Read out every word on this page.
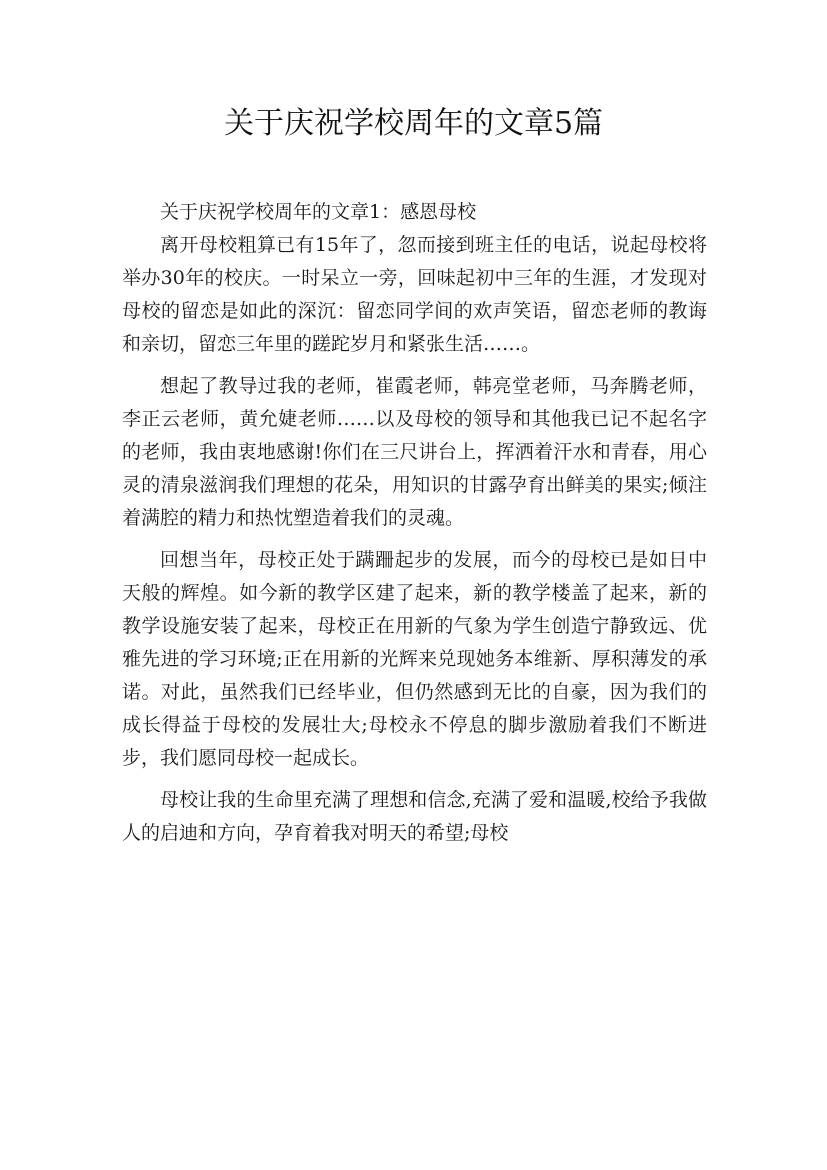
关于庆祝学校周年的文章5篇

关于庆祝学校周年的文章1：感恩母校

离开母校粗算已有15年了，忽而接到班主任的电话，说起母校将举办30年的校庆。一时呆立一旁，回味起初中三年的生涯，才发现对母校的留恋是如此的深沉：留恋同学间的欢声笑语，留恋老师的教诲和亲切，留恋三年里的蹉跎岁月和紧张生活……。

想起了教导过我的老师，崔霞老师，韩亮堂老师，马奔腾老师，李正云老师，黄允婕老师……以及母校的领导和其他我已记不起名字的老师，我由衷地感谢!你们在三尺讲台上，挥洒着汗水和青春，用心灵的清泉滋润我们理想的花朵，用知识的甘露孕育出鲜美的果实;倾注着满腔的精力和热忱塑造着我们的灵魂。

回想当年，母校正处于蹒跚起步的发展，而今的母校已是如日中天般的辉煌。如今新的教学区建了起来，新的教学楼盖了起来，新的教学设施安装了起来，母校正在用新的气象为学生创造宁静致远、优雅先进的学习环境;正在用新的光辉来兑现她务本维新、厚积薄发的承诺。对此，虽然我们已经毕业，但仍然感到无比的自豪，因为我们的成长得益于母校的发展壮大;母校永不停息的脚步激励着我们不断进步，我们愿同母校一起成长。

母校让我的生命里充满了理想和信念,充满了爱和温暖,校给予我做人的启迪和方向，孕育着我对明天的希望;母校
